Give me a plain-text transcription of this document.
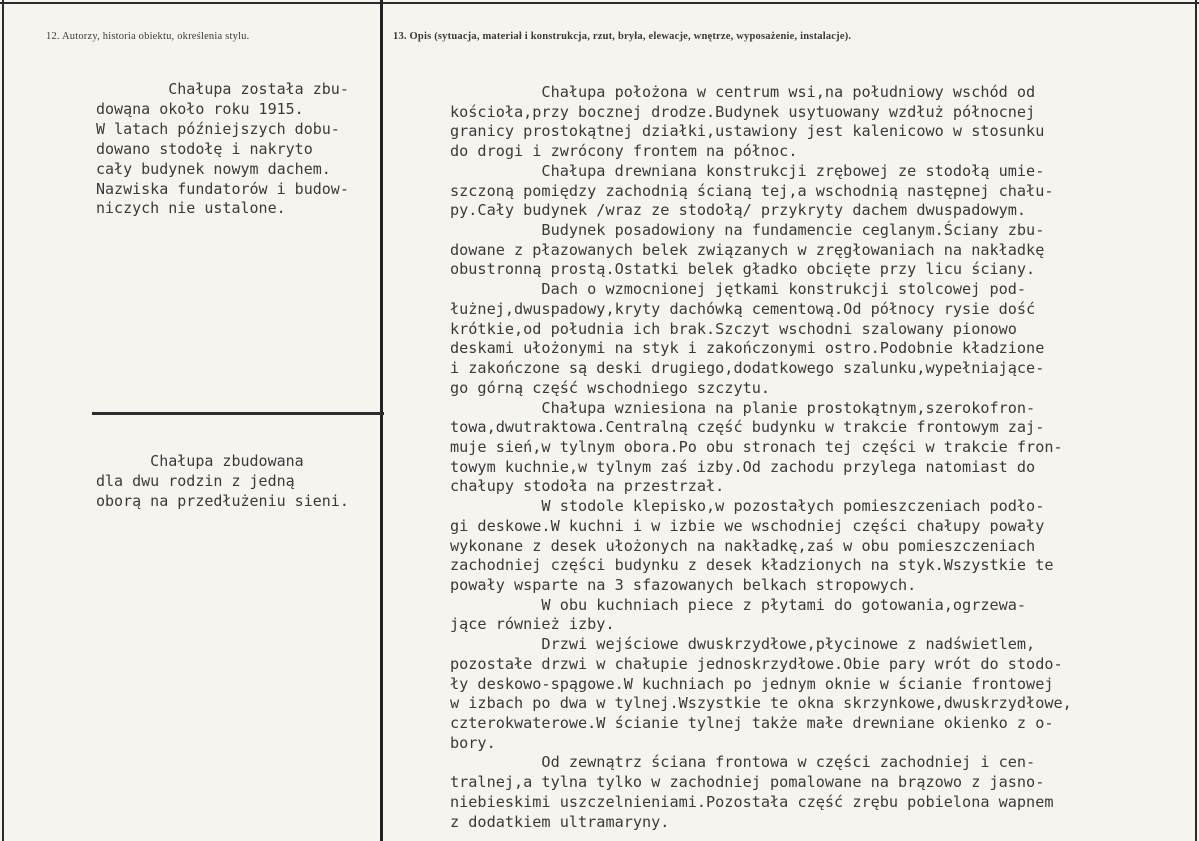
12. Autorzy, historia obiektu, określenia stylu.	13. Opis (sytuacja, materiał i konstrukcja, rzut, bryła, elewacje, wnętrze, wyposażenie, instalacje).
Chałupa została zbu-
dowąna około roku 1915.
W latach późniejszych dobu-
dowano stodołę i nakryto
cały budynek nowym dachem.
Nazwiska fundatorów i budow-
niczych nie ustalone.
Chałupa zbudowana
dla dwu rodzin z jedną
oborą na przedłużeniu sieni.
Chałupa położona w centrum wsi,na południowy wschód od
kościoła,przy bocznej drodze.Budynek usytuowany wzdłuż północnej
granicy prostokątnej działki,ustawiony jest kalenicowo w stosunku
do drogi i zwrócony frontem na północ.
Chałupa drewniana konstrukcji zrębowej ze stodołą umie-
szczoną pomiędzy zachodnią ścianą tej,a wschodnią następnej chału-
py.Cały budynek /wraz ze stodołą/ przykryty dachem dwuspadowym.
Budynek posadowiony na fundamencie ceglanym.Ściany zbu-
dowane z płazowanych belek związanych w zręgłowaniach na nakładkę
obustronną prostą.Ostatki belek gładko obcięte przy licu ściany.
Dach o wzmocnionej jętkami konstrukcji stolcowej pod-
łużnej,dwuspadowy,kryty dachówką cementową.Od północy rysie dość
krótkie,od południa ich brak.Szczyt wschodni szalowany pionowo
deskami ułożonymi na styk i zakończonymi ostro.Podobnie kładzione
i zakończone są deski drugiego,dodatkowego szalunku,wypełniające-
go górną część wschodniego szczytu.
Chałupa wzniesiona na planie prostokątnym,szerokofron-
towa,dwutraktowa.Centralną część budynku w trakcie frontowym zaj-
muje sień,w tylnym obora.Po obu stronach tej części w trakcie fron-
towym kuchnie,w tylnym zaś izby.Od zachodu przylega natomiast do
chałupy stodoła na przestrzał.
W stodole klepisko,w pozostałych pomieszczeniach podło-
gi deskowe.W kuchni i w izbie we wschodniej części chałupy powały
wykonane z desek ułożonych na nakładkę,zaś w obu pomieszczeniach
zachodniej części budynku z desek kładzionych na styk.Wszystkie te
powały wsparte na 3 sfazowanych belkach stropowych.
W obu kuchniach piece z płytami do gotowania,ogrzewa-
jące również izby.
Drzwi wejściowe dwuskrzydłowe,płycinowe z nadświetlem,
pozostałe drzwi w chałupie jednoskrzydłowe.Obie pary wrót do stodo-
ły deskowo-spągowe.W kuchniach po jednym oknie w ścianie frontowej
w izbach po dwa w tylnej.Wszystkie te okna skrzynkowe,dwuskrzydłowe,
czterokwaterowe.W ścianie tylnej także małe drewniane okienko z o-
bory.
Od zewnątrz ściana frontowa w części zachodniej i cen-
tralnej,a tylna tylko w zachodniej pomalowane na brązowo z jasno-
niebieskimi uszczelnieniami.Pozostała część zrębu pobielona wapnem
z dodatkiem ultramaryny.
